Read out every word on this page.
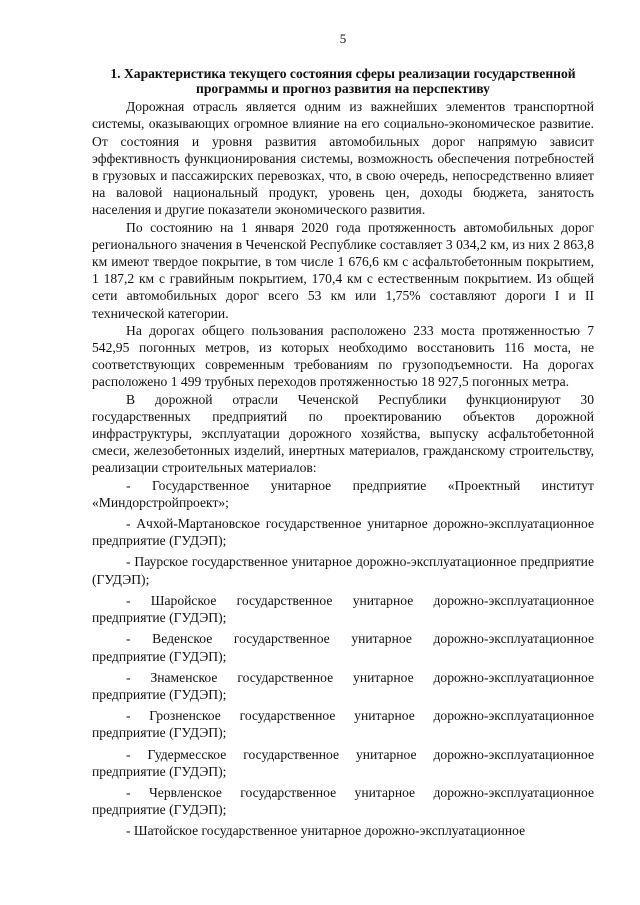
5
1. Характеристика текущего состояния сферы реализации государственной программы и прогноз развития на перспективу

Дорожная отрасль является одним из важнейших элементов транспортной системы, оказывающих огромное влияние на его социально-экономическое развитие. От состояния и уровня развития автомобильных дорог напрямую зависит эффективность функционирования системы, возможность обеспечения потребностей в грузовых и пассажирских перевозках, что, в свою очередь, непосредственно влияет на валовой национальный продукт, уровень цен, доходы бюджета, занятость населения и другие показатели экономического развития.

По состоянию на 1 января 2020 года протяженность автомобильных дорог регионального значения в Чеченской Республике составляет 3 034,2 км, из них 2 863,8 км имеют твердое покрытие, в том числе 1 676,6 км с асфальтобетонным покрытием, 1 187,2 км с гравийным покрытием, 170,4 км с естественным покрытием. Из общей сети автомобильных дорог всего 53 км или 1,75% составляют дороги I и II технической категории.

На дорогах общего пользования расположено 233 моста протяженностью 7 542,95 погонных метров, из которых необходимо восстановить 116 моста, не соответствующих современным требованиям по грузоподъемности. На дорогах расположено 1 499 трубных переходов протяженностью 18 927,5 погонных метра.

В дорожной отрасли Чеченской Республики функционируют 30 государственных предприятий по проектированию объектов дорожной инфраструктуры, эксплуатации дорожного хозяйства, выпуску асфальтобетонной смеси, железобетонных изделий, инертных материалов, гражданскому строительству, реализации строительных материалов:

- Государственное унитарное предприятие «Проектный институт «Миндорстройпроект»;

- Ачхой-Мартановское государственное унитарное дорожно-эксплуатационное предприятие (ГУДЭП);

- Паурское государственное унитарное дорожно-эксплуатационное предприятие (ГУДЭП);

- Шаройское государственное унитарное дорожно-эксплуатационное предприятие (ГУДЭП);

- Веденское государственное унитарное дорожно-эксплуатационное предприятие (ГУДЭП);

- Знаменское государственное унитарное дорожно-эксплуатационное предприятие (ГУДЭП);

- Грозненское государственное унитарное дорожно-эксплуатационное предприятие (ГУДЭП);

- Гудермесское государственное унитарное дорожно-эксплуатационное предприятие (ГУДЭП);

- Червленское государственное унитарное дорожно-эксплуатационное предприятие (ГУДЭП);

- Шатойское государственное унитарное дорожно-эксплуатационное
